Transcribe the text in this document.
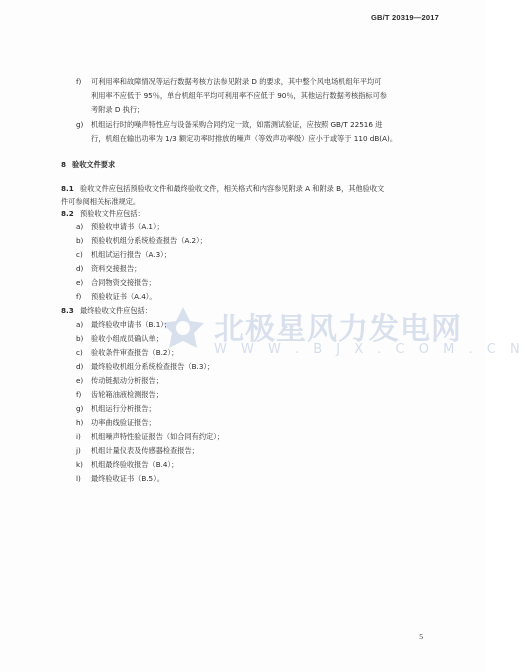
GB/T 20319—2017
f) 可利用率和故障情况等运行数据考核方法参见附录 D 的要求，其中整个风电场机组年平均可
利用率不应低于 95％，单台机组年平均可利用率不应低于 90％，其他运行数据考核指标可参
考附录 D 执行；
g) 机组运行时的噪声特性应与设备采购合同约定一致，如需测试验证，应按照 GB/T 22516 进
行，机组在输出功率为 1/3 额定功率时排放的噪声（等效声功率级）应小于或等于 110 dB(A)。
8 验收文件要求
8.1 验收文件应包括预验收文件和最终验收文件，相关格式和内容参见附录 A 和附录 B，其他验收文
件可参阅相关标准规定。
8.2 预验收文件应包括：
a) 预验收申请书（A.1）；
b) 预验收机组分系统检查报告（A.2）；
c) 机组试运行报告（A.3）；
d) 资料交接报告；
e) 合同物资交接报告；
f) 预验收证书（A.4）。
8.3 最终验收文件应包括：
a) 最终验收申请书（B.1）；
b) 验收小组成员确认单；
c) 验收条件审查报告（B.2）；
d) 最终验收机组分系统检查报告（B.3）；
e) 传动链振动分析报告；
f) 齿轮箱油液检测报告；
g) 机组运行分析报告；
h) 功率曲线验证报告；
i) 机组噪声特性验证报告（如合同有约定）；
j) 机组计量仪表及传感器检查报告；
k) 机组最终验收报告（B.4）；
l) 最终验收证书（B.5）。
北极星风力发电网
W W W . B J X . C O M . C N
5
